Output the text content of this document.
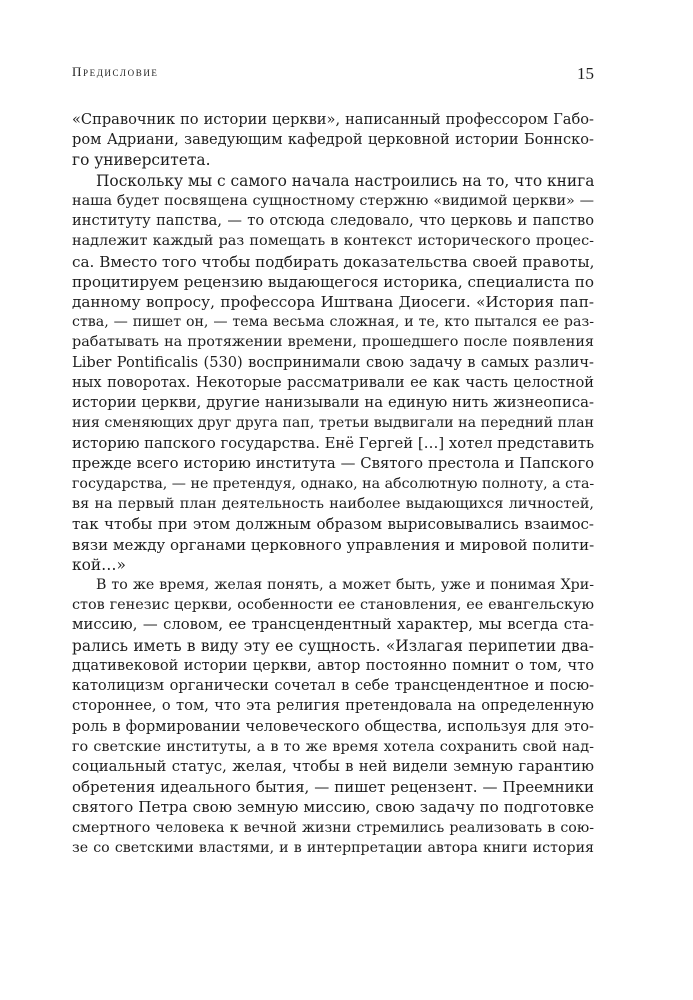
Предисловие	15
«Справочник по истории церкви», написанный профессором Габо-
ром Адриани, заведующим кафедрой церковной истории Боннско-
го университета.
Поскольку мы с самого начала настроились на то, что книга
наша будет посвящена сущностному стержню «видимой церкви» —
институту папства, — то отсюда следовало, что церковь и папство
надлежит каждый раз помещать в контекст исторического процес-
са. Вместо того чтобы подбирать доказательства своей правоты,
процитируем рецензию выдающегося историка, специалиста по
данному вопросу, профессора Иштвана Диосеги. «История пап-
ства, — пишет он, — тема весьма сложная, и те, кто пытался ее раз-
рабатывать на протяжении времени, прошедшего после появления
Liber Pontificalis (530) воспринимали свою задачу в самых различ-
ных поворотах. Некоторые рассматривали ее как часть целостной
истории церкви, другие нанизывали на единую нить жизнеописа-
ния сменяющих друг друга пап, третьи выдвигали на передний план
историю папского государства. Енё Гергей […] хотел представить
прежде всего историю института — Святого престола и Папского
государства, — не претендуя, однако, на абсолютную полноту, а ста-
вя на первый план деятельность наиболее выдающихся личностей,
так чтобы при этом должным образом вырисовывались взаимос-
вязи между органами церковного управления и мировой полити-
кой…»
В то же время, желая понять, а может быть, уже и понимая Хри-
стов генезис церкви, особенности ее становления, ее евангельскую
миссию, — словом, ее трансцендентный характер, мы всегда ста-
рались иметь в виду эту ее сущность. «Излагая перипетии два-
дцативековой истории церкви, автор постоянно помнит о том, что
католицизм органически сочетал в себе трансцендентное и посю-
стороннее, о том, что эта религия претендовала на определенную
роль в формировании человеческого общества, используя для это-
го светские институты, а в то же время хотела сохранить свой над-
социальный статус, желая, чтобы в ней видели земную гарантию
обретения идеального бытия, — пишет рецензент. — Преемники
святого Петра свою земную миссию, свою задачу по подготовке
смертного человека к вечной жизни стремились реализовать в сою-
зе со светскими властями, и в интерпретации автора книги история
